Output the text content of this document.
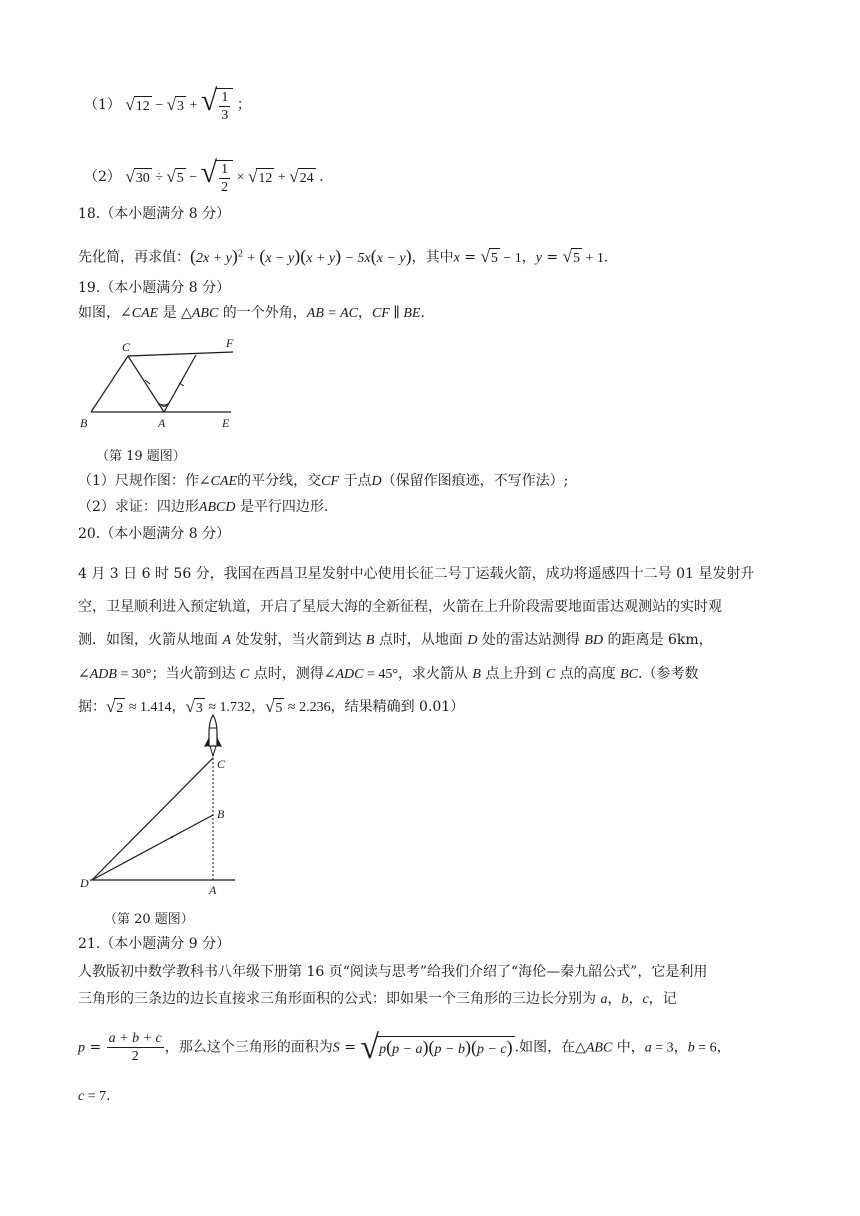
（1） √12 − √3 + √ $\frac{1}{3}$ ；
（2） √30 ÷ √5 − √ $\frac{1}{2} \times √12 + √24$ .
18.（本小题满分 8 分）
先化简，再求值：$(2x + y)^2 + (x - y)(x + y) - 5x(x - y)$，其中x = √5 − 1，y = √5 + 1.
19.（本小题满分 8 分）
如图，∠CAE 是 △ABC 的一个外角，AB = AC，CF ∥ BE.
C	F
B	A	E
（第 19 题图）
（1）尺规作图：作∠CAE的平分线，交CF 于点D（保留作图痕迹，不写作法）;
（2）求证：四边形ABCD 是平行四边形.
20.（本小题满分 8 分）
4 月 3 日 6 时 56 分，我国在西昌卫星发射中心使用长征二号丁运载火箭，成功将遥感四十二号 01 星发射升
空，卫星顺利进入预定轨道，开启了星辰大海的全新征程，火箭在上升阶段需要地面雷达观测站的实时观
测．如图，火箭从地面 A 处发射，当火箭到达 B 点时，从地面 D 处的雷达站测得 BD 的距离是 6km，
∠ADB = 30°；当火箭到达 C 点时，测得∠ADC = 45°，求火箭从 B 点上升到 C 点的高度 BC.（参考数
据：√2 ≈ 1.414，√3 ≈ 1.732，√5 ≈ 2.236，结果精确到 0.01）
C
B
D	A
（第 20 题图）
21.（本小题满分 9 分）
人教版初中数学教科书八年级下册第 16 页“阅读与思考”给我们介绍了“海伦—秦九韶公式”，它是利用
三角形的三条边的边长直接求三角形面积的公式：即如果一个三角形的三边长分别为 a，b，c，记
$p = \frac{a + b + c}{2}$ ，那么这个三角形的面积为S = √p(p − a)(p − b)(p − c) .如图，在△ABC 中，a = 3，b = 6，
c = 7.
